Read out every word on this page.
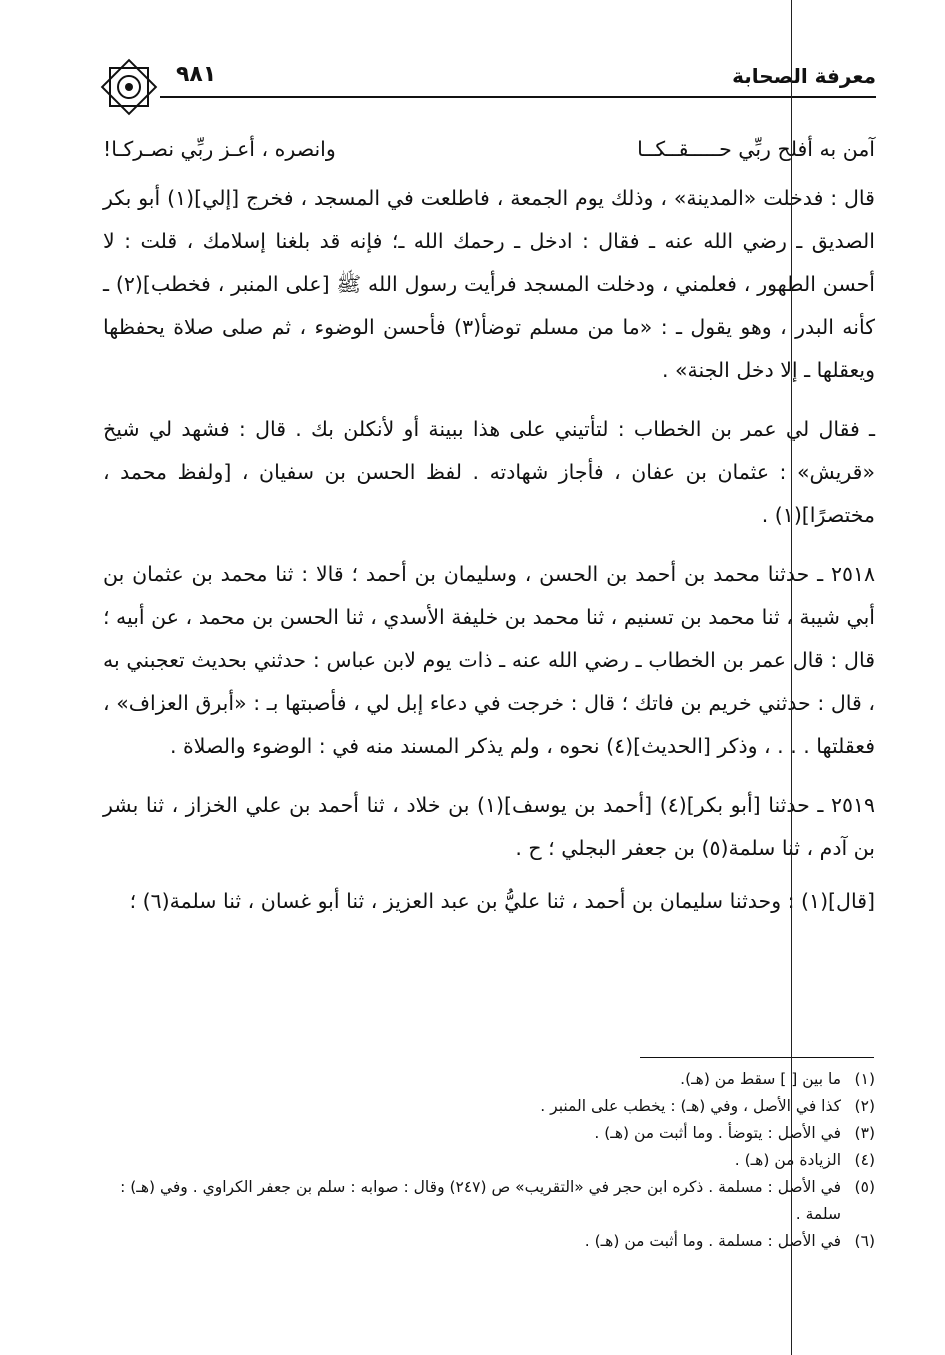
٩٨١	معرفة الصحابة
آمن به أفلح ربِّي حـــــقــكــا
وانصره ، أعـز ربِّي نصـركـا!

قال : فدخلت «المدينة» ، وذلك يوم الجمعة ، فاطلعت في المسجد ، فخرج [إلي](١) أبو بكر الصديق ـ رضي الله عنه ـ فقال : ادخل ـ رحمك الله ـ؛ فإنه قد بلغنا إسلامك ، قلت : لا أحسن الطهور ، فعلمني ، ودخلت المسجد فرأيت رسول الله ﷺ [على المنبر ، فخطب](٢) ـ كأنه البدر ، وهو يقول ـ : «ما من مسلم توضأ(٣) فأحسن الوضوء ، ثم صلى صلاة يحفظها ويعقلها ـ إلا دخل الجنة» .

ـ فقال لي عمر بن الخطاب : لتأتيني على هذا ببينة أو لأنكلن بك . قال : فشهد لي شيخ «قريش» : عثمان بن عفان ، فأجاز شهادته . لفظ الحسن بن سفيان ، [ولفظ محمد ، مختصرًا](١) .

٢٥١٨ ـ حدثنا محمد بن أحمد بن الحسن ، وسليمان بن أحمد ؛ قالا : ثنا محمد بن عثمان بن أبي شيبة ، ثنا محمد بن تسنيم ، ثنا محمد بن خليفة الأسدي ، ثنا الحسن بن محمد ، عن أبيه ؛ قال : قال عمر بن الخطاب ـ رضي الله عنه ـ ذات يوم لابن عباس : حدثني بحديث تعجبني به ، قال : حدثني خريم بن فاتك ؛ قال : خرجت في دعاء إبل لي ، فأصبتها بـ : «أبرق العزاف» ، فعقلتها . . . ، وذكر [الحديث](٤) نحوه ، ولم يذكر المسند منه في : الوضوء والصلاة .

٢٥١٩ ـ حدثنا [أبو بكر](٤) [أحمد بن يوسف](١) بن خلاد ، ثنا أحمد بن علي الخزاز ، ثنا بشر بن آدم ، ثنا سلمة(٥) بن جعفر البجلي ؛ ح .

[قال](١) : وحدثنا سليمان بن أحمد ، ثنا عليُّ بن عبد العزيز ، ثنا أبو غسان ، ثنا سلمة(٦) ؛

(١)
ما بين [ ] سقط من (هـ).
(٢)
كذا في الأصل ، وفي (هـ) : يخطب على المنبر .
(٣)
في الأصل : يتوضأ . وما أثبت من (هـ) .
(٤)
الزيادة من (هـ) .
(٥)
في الأصل : مسلمة . ذكره ابن حجر في «التقريب» ص (٢٤٧) وقال : صوابه : سلم بن جعفر الكراوي . وفي (هـ) : سلمة .
(٦)
في الأصل : مسلمة . وما أثبت من (هـ) .
